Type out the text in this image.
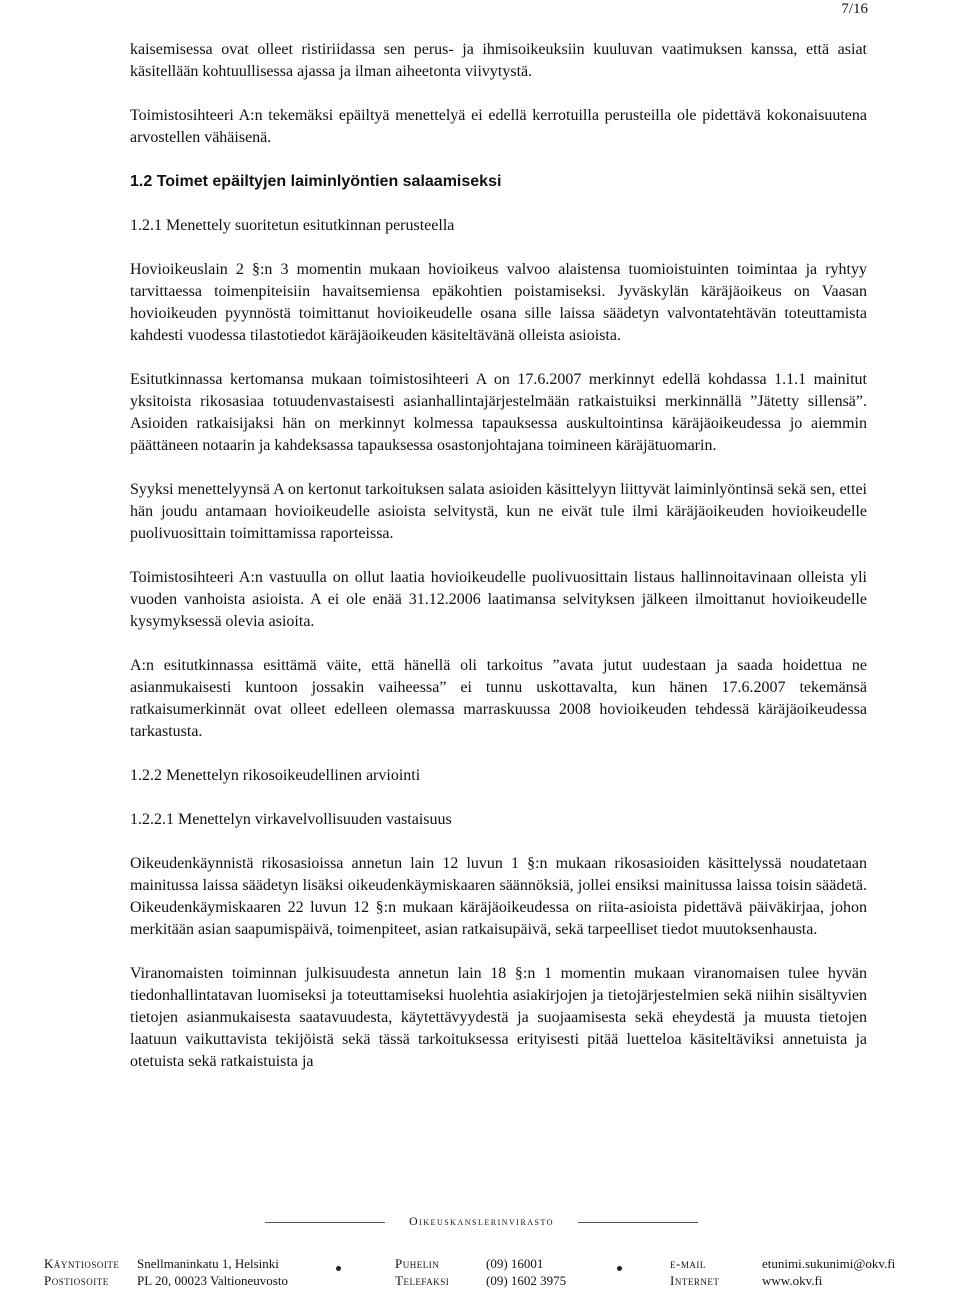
7/16

kaisemisessa ovat olleet ristiriidassa sen perus- ja ihmisoikeuksiin kuuluvan vaatimuksen kanssa, että asiat käsitellään kohtuullisessa ajassa ja ilman aiheetonta viivytystä.

Toimistosihteeri A:n tekemäksi epäiltyä menettelyä ei edellä kerrotuilla perusteilla ole pidettävä kokonaisuutena arvostellen vähäisenä.

1.2 Toimet epäiltyjen laiminlyöntien salaamiseksi
1.2.1 Menettely suoritetun esitutkinnan perusteella

Hovioikeuslain 2 §:n 3 momentin mukaan hovioikeus valvoo alaistensa tuomioistuinten toimintaa ja ryhtyy tarvittaessa toimenpiteisiin havaitsemiensa epäkohtien poistamiseksi. Jyväskylän käräjäoikeus on Vaasan hovioikeuden pyynnöstä toimittanut hovioikeudelle osana sille laissa säädetyn valvontatehtävän toteuttamista kahdesti vuodessa tilastotiedot käräjäoikeuden käsiteltävänä olleista asioista.

Esitutkinnassa kertomansa mukaan toimistosihteeri A on 17.6.2007 merkinnyt edellä kohdassa 1.1.1 mainitut yksitoista rikosasiaa totuudenvastaisesti asianhallintajärjestelmään ratkaistuiksi merkinnällä ”Jätetty sillensä”. Asioiden ratkaisijaksi hän on merkinnyt kolmessa tapauksessa auskultointinsa käräjäoikeudessa jo aiemmin päättäneen notaarin ja kahdeksassa tapauksessa osastonjohtajana toimineen käräjätuomarin.

Syyksi menettelyynsä A on kertonut tarkoituksen salata asioiden käsittelyyn liittyvät laiminlyöntinsä sekä sen, ettei hän joudu antamaan hovioikeudelle asioista selvitystä, kun ne eivät tule ilmi käräjäoikeuden hovioikeudelle puolivuosittain toimittamissa raporteissa.

Toimistosihteeri A:n vastuulla on ollut laatia hovioikeudelle puolivuosittain listaus hallinnoitavinaan olleista yli vuoden vanhoista asioista. A ei ole enää 31.12.2006 laatimansa selvityksen jälkeen ilmoittanut hovioikeudelle kysymyksessä olevia asioita.

A:n esitutkinnassa esittämä väite, että hänellä oli tarkoitus ”avata jutut uudestaan ja saada hoidettua ne asianmukaisesti kuntoon jossakin vaiheessa” ei tunnu uskottavalta, kun hänen 17.6.2007 tekemänsä ratkaisumerkinnät ovat olleet edelleen olemassa marraskuussa 2008 hovioikeuden tehdessä käräjäoikeudessa tarkastusta.

1.2.2 Menettelyn rikosoikeudellinen arviointi
1.2.2.1 Menettelyn virkavelvollisuuden vastaisuus

Oikeudenkäynnistä rikosasioissa annetun lain 12 luvun 1 §:n mukaan rikosasioiden käsittelyssä noudatetaan mainitussa laissa säädetyn lisäksi oikeudenkäymiskaaren säännöksiä, jollei ensiksi mainitussa laissa toisin säädetä. Oikeudenkäymiskaaren 22 luvun 12 §:n mukaan käräjäoikeudessa on riita-asioista pidettävä päiväkirjaa, johon merkitään asian saapumispäivä, toimenpiteet, asian ratkaisupäivä, sekä tarpeelliset tiedot muutoksenhausta.

Viranomaisten toiminnan julkisuudesta annetun lain 18 §:n 1 momentin mukaan viranomaisen tulee hyvän tiedonhallintatavan luomiseksi ja toteuttamiseksi huolehtia asiakirjojen ja tietojärjestelmien sekä niihin sisältyvien tietojen asianmukaisesta saatavuudesta, käytettävyydestä ja suojaamisesta sekä eheydestä ja muusta tietojen laatuun vaikuttavista tekijöistä sekä tässä tarkoituksessa erityisesti pitää luetteloa käsiteltäviksi annetuista ja otetuista sekä ratkaistuista ja

Oikeuskanslerinvirasto
Käyntiosoite Snellmaninkatu 1, Helsinki	Puhelin	(09) 16001	e-mail	etunimi.sukunimi@okv.fi
Postiosoite PL 20, 00023 Valtioneuvosto	Telefaksi	(09) 1602 3975	Internet	www.okv.fi
